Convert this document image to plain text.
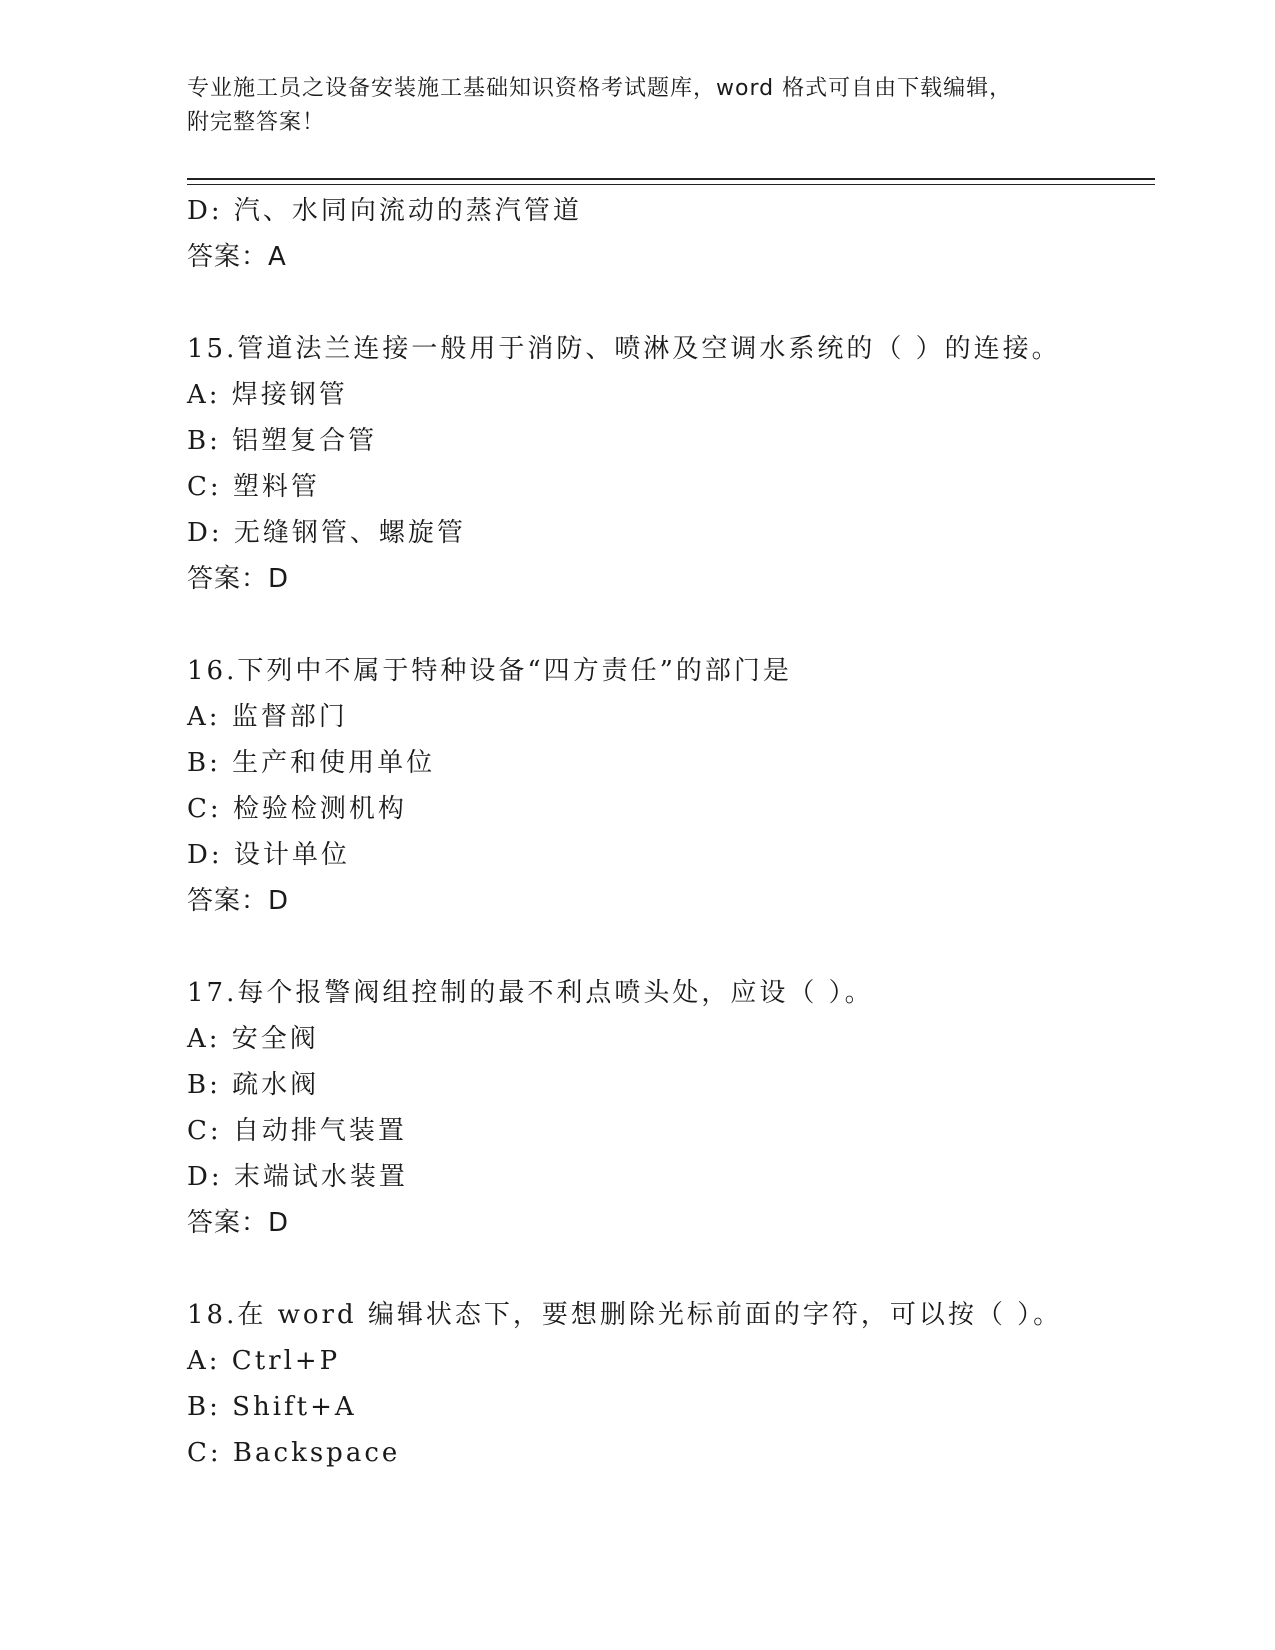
专业施工员之设备安装施工基础知识资格考试题库，word 格式可自由下载编辑，
附完整答案！
D: 汽、水同向流动的蒸汽管道
答案：A
15.管道法兰连接一般用于消防、喷淋及空调水系统的（ ）的连接。
A: 焊接钢管
B: 铝塑复合管
C: 塑料管
D: 无缝钢管、螺旋管
答案：D
16.下列中不属于特种设备“四方责任”的部门是
A: 监督部门
B: 生产和使用单位
C: 检验检测机构
D: 设计单位
答案：D
17.每个报警阀组控制的最不利点喷头处，应设（ ）。
A: 安全阀
B: 疏水阀
C: 自动排气装置
D: 末端试水装置
答案：D
18.在 word 编辑状态下，要想删除光标前面的字符，可以按（ ）。
A: Ctrl+P
B: Shift+A
C: Backspace
